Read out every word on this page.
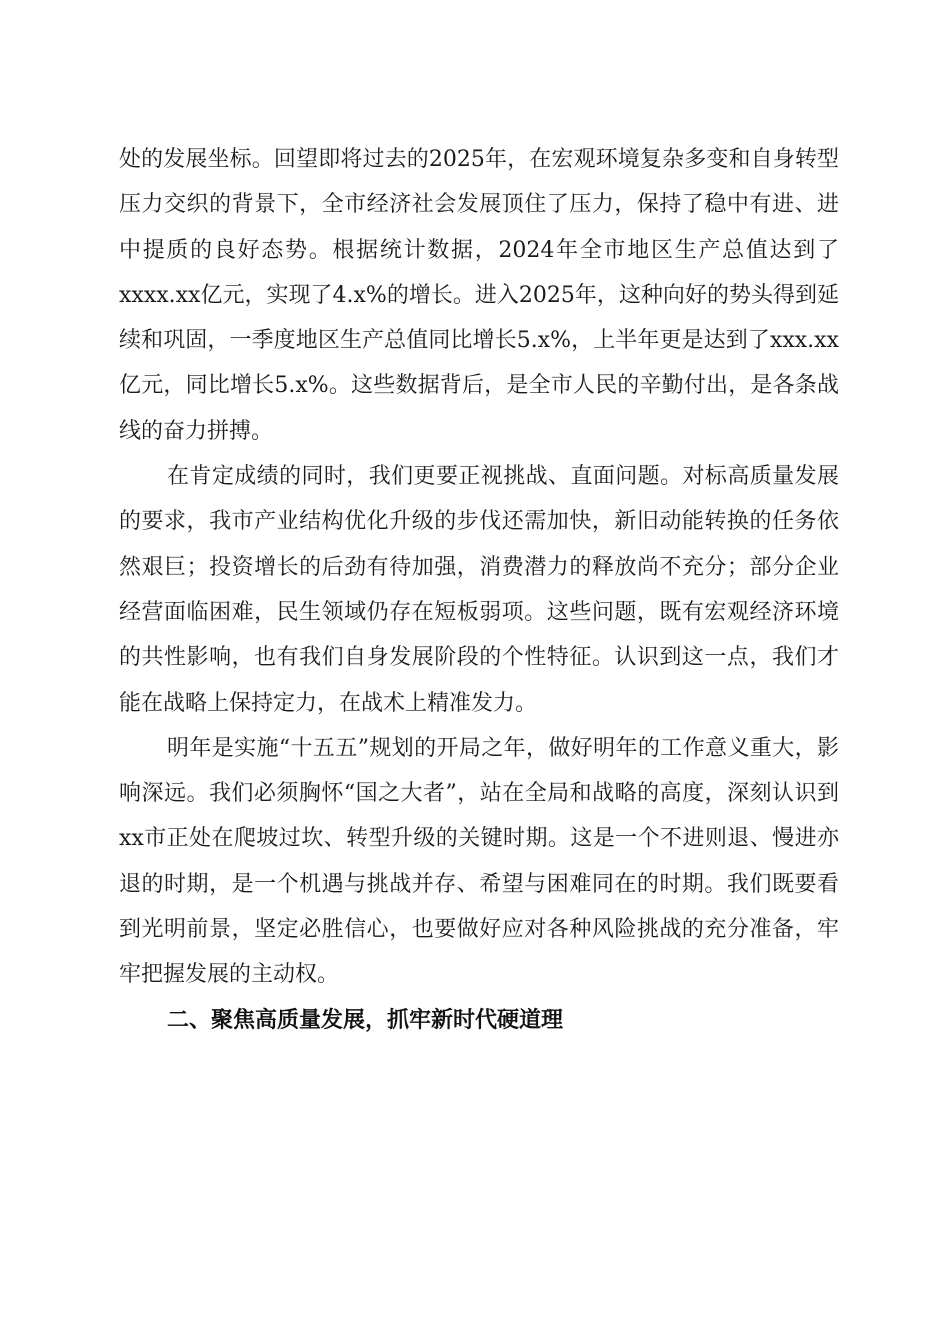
处的发展坐标。回望即将过去的2025年，在宏观环境复杂多变和自身转型压力交织的背景下，全市经济社会发展顶住了压力，保持了稳中有进、进中提质的良好态势。根据统计数据，2024年全市地区生产总值达到了xxxx.xx亿元，实现了4.x%的增长。进入2025年，这种向好的势头得到延续和巩固，一季度地区生产总值同比增长5.x%，上半年更是达到了xxx.xx亿元，同比增长5.x%。这些数据背后，是全市人民的辛勤付出，是各条战线的奋力拼搏。

在肯定成绩的同时，我们更要正视挑战、直面问题。对标高质量发展的要求，我市产业结构优化升级的步伐还需加快，新旧动能转换的任务依然艰巨；投资增长的后劲有待加强，消费潜力的释放尚不充分；部分企业经营面临困难，民生领域仍存在短板弱项。这些问题，既有宏观经济环境的共性影响，也有我们自身发展阶段的个性特征。认识到这一点，我们才能在战略上保持定力，在战术上精准发力。

明年是实施“十五五”规划的开局之年，做好明年的工作意义重大，影响深远。我们必须胸怀“国之大者”，站在全局和战略的高度，深刻认识到xx市正处在爬坡过坎、转型升级的关键时期。这是一个不进则退、慢进亦退的时期，是一个机遇与挑战并存、希望与困难同在的时期。我们既要看到光明前景，坚定必胜信心，也要做好应对各种风险挑战的充分准备，牢牢把握发展的主动权。

二、聚焦高质量发展，抓牢新时代硬道理
